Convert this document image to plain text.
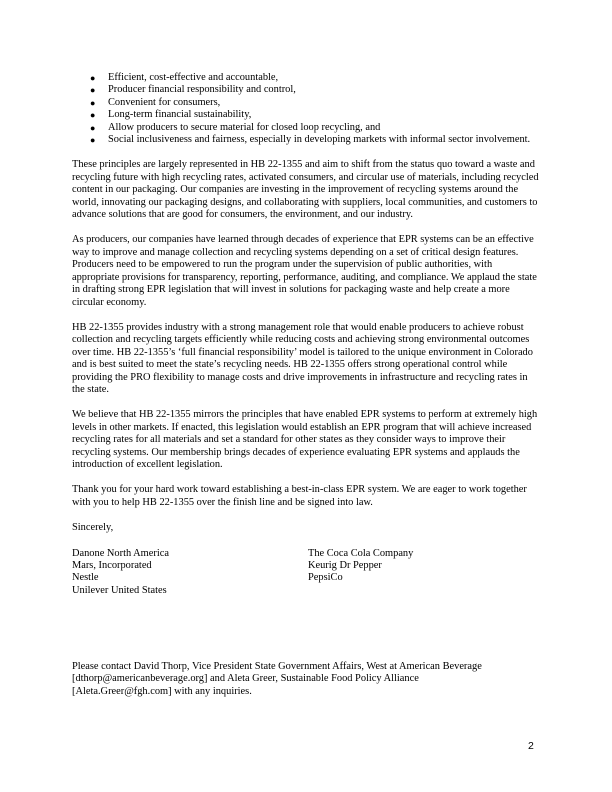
●	Efficient, cost-effective and accountable,
●	Producer financial responsibility and control,
●	Convenient for consumers,
●	Long-term financial sustainability,
●	Allow producers to secure material for closed loop recycling, and
●	Social inclusiveness and fairness, especially in developing markets with informal sector involvement.

These principles are largely represented in HB 22-1355 and aim to shift from the status quo toward a waste and recycling future with high recycling rates, activated consumers, and circular use of materials, including recycled content in our packaging. Our companies are investing in the improvement of recycling systems around the world, innovating our packaging designs, and collaborating with suppliers, local communities, and customers to advance solutions that are good for consumers, the environment, and our industry.

As producers, our companies have learned through decades of experience that EPR systems can be an effective way to improve and manage collection and recycling systems depending on a set of critical design features. Producers need to be empowered to run the program under the supervision of public authorities, with appropriate provisions for transparency, reporting, performance, auditing, and compliance. We applaud the state in drafting strong EPR legislation that will invest in solutions for packaging waste and help create a more circular economy.

HB 22-1355 provides industry with a strong management role that would enable producers to achieve robust collection and recycling targets efficiently while reducing costs and achieving strong environmental outcomes over time. HB 22-1355’s ‘full financial responsibility’ model is tailored to the unique environment in Colorado and is best suited to meet the state’s recycling needs. HB 22-1355 offers strong operational control while providing the PRO flexibility to manage costs and drive improvements in infrastructure and recycling rates in the state.

We believe that HB 22-1355 mirrors the principles that have enabled EPR systems to perform at extremely high levels in other markets. If enacted, this legislation would establish an EPR program that will achieve increased recycling rates for all materials and set a standard for other states as they consider ways to improve their recycling systems. Our membership brings decades of experience evaluating EPR systems and applauds the introduction of excellent legislation.

Thank you for your hard work toward establishing a best-in-class EPR system. We are eager to work together with you to help HB 22-1355 over the finish line and be signed into law.

Sincerely,

Danone North America
Mars, Incorporated
Nestle
Unilever United States
The Coca Cola Company
Keurig Dr Pepper
PepsiCo
Please contact David Thorp, Vice President State Government Affairs, West at American Beverage
[dthorp@americanbeverage.org] and Aleta Greer, Sustainable Food Policy Alliance
[Aleta.Greer@fgh.com] with any inquiries.
2
